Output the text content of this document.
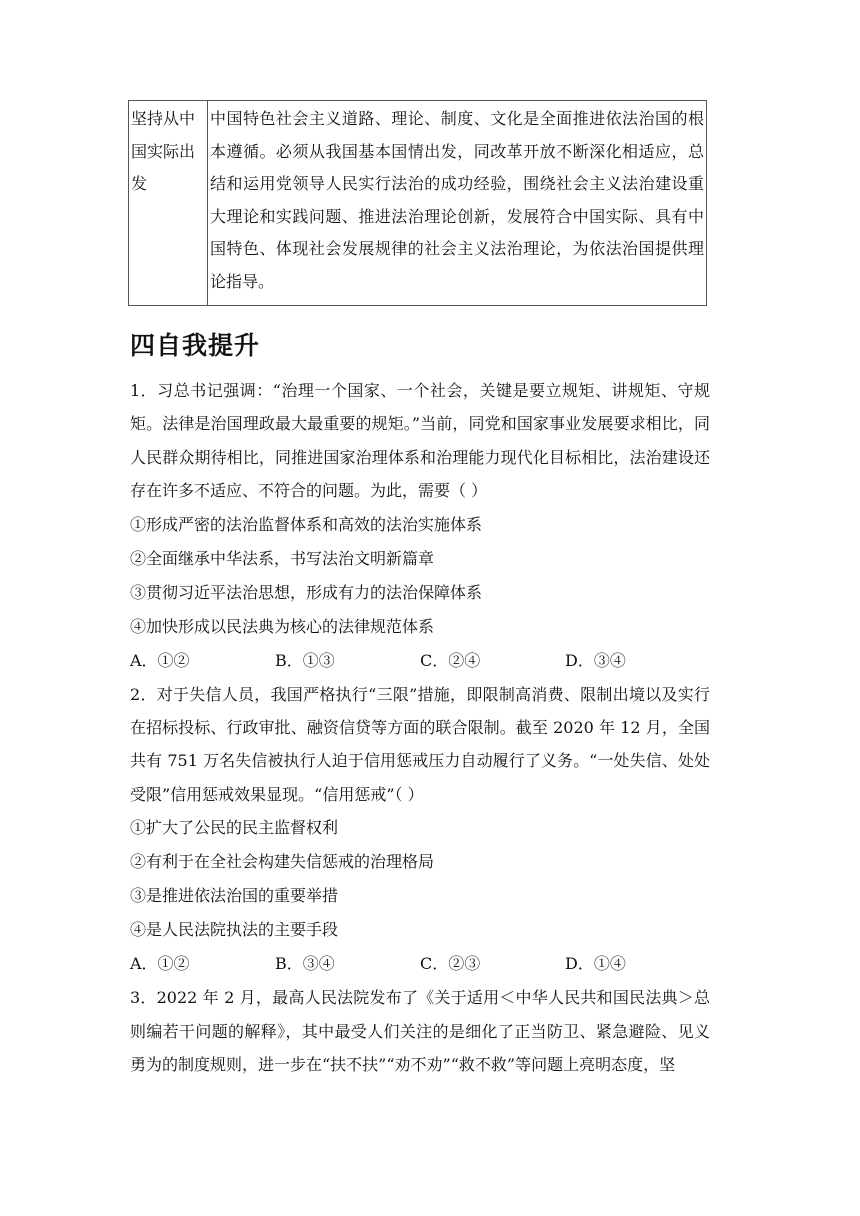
坚持从中国实际出发	中国特色社会主义道路、理论、制度、文化是全面推进依法治国的根本遵循。必须从我国基本国情出发，同改革开放不断深化相适应，总结和运用党领导人民实行法治的成功经验，围绕社会主义法治建设重大理论和实践问题、推进法治理论创新，发展符合中国实际、具有中国特色、体现社会发展规律的社会主义法治理论，为依法治国提供理论指导。
四自我提升

1．习总书记强调：“治理一个国家、一个社会，关键是要立规矩、讲规矩、守规矩。法律是治国理政最大最重要的规矩。”当前，同党和国家事业发展要求相比，同人民群众期待相比，同推进国家治理体系和治理能力现代化目标相比，法治建设还存在许多不适应、不符合的问题。为此，需要（ ）

①形成严密的法治监督体系和高效的法治实施体系

②全面继承中华法系，书写法治文明新篇章

③贯彻习近平法治思想，形成有力的法治保障体系

④加快形成以民法典为核心的法律规范体系

A．①②	B．①③	C．②④	D．③④

2．对于失信人员，我国严格执行“三限”措施，即限制高消费、限制出境以及实行在招标投标、行政审批、融资信贷等方面的联合限制。截至 2020 年 12 月，全国共有 751 万名失信被执行人迫于信用惩戒压力自动履行了义务。“一处失信、处处受限”信用惩戒效果显现。“信用惩戒”（ ）

①扩大了公民的民主监督权利

②有利于在全社会构建失信惩戒的治理格局

③是推进依法治国的重要举措

④是人民法院执法的主要手段

A．①②	B．③④	C．②③	D．①④

3．2022 年 2 月，最高人民法院发布了《关于适用＜中华人民共和国民法典＞总则编若干问题的解释》，其中最受人们关注的是细化了正当防卫、紧急避险、见义勇为的制度规则，进一步在“扶不扶”“劝不劝”“救不救”等问题上亮明态度，坚
